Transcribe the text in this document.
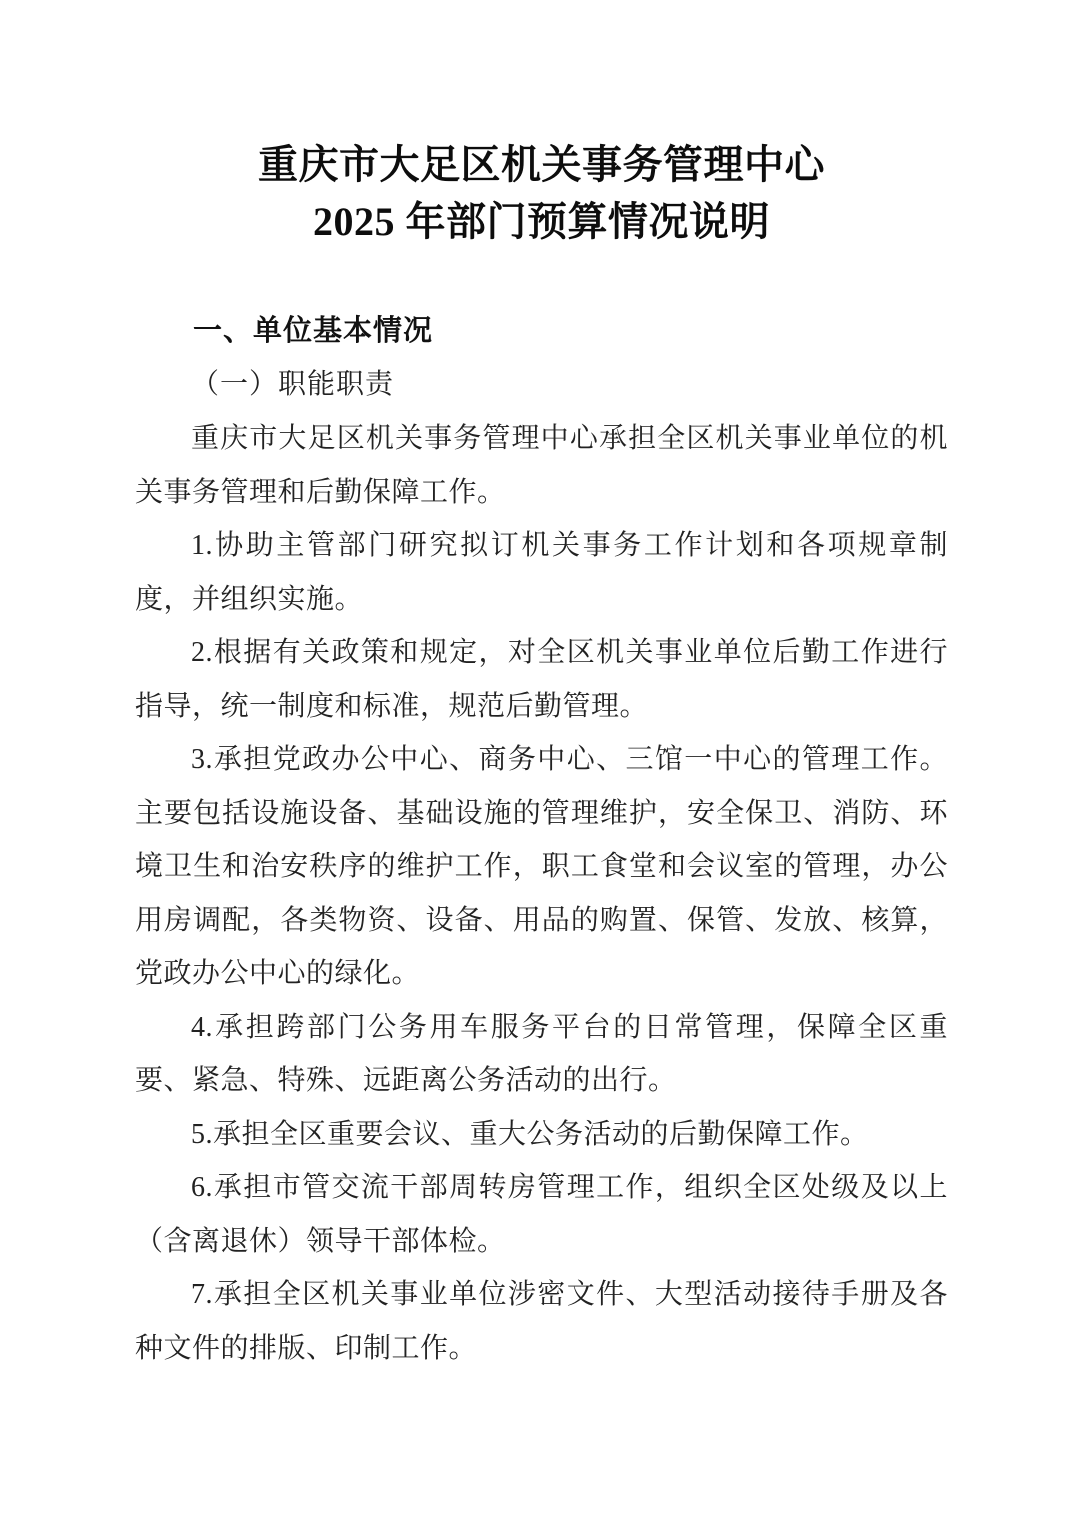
重庆市大足区机关事务管理中心
2025 年部门预算情况说明
一、单位基本情况
（一）职能职责

重庆市大足区机关事务管理中心承担全区机关事业单位的机关事务管理和后勤保障工作。

1.协助主管部门研究拟订机关事务工作计划和各项规章制度，并组织实施。

2.根据有关政策和规定，对全区机关事业单位后勤工作进行指导，统一制度和标准，规范后勤管理。

3.承担党政办公中心、商务中心、三馆一中心的管理工作。主要包括设施设备、基础设施的管理维护，安全保卫、消防、环境卫生和治安秩序的维护工作，职工食堂和会议室的管理，办公用房调配，各类物资、设备、用品的购置、保管、发放、核算，党政办公中心的绿化。

4.承担跨部门公务用车服务平台的日常管理，保障全区重要、紧急、特殊、远距离公务活动的出行。

5.承担全区重要会议、重大公务活动的后勤保障工作。

6.承担市管交流干部周转房管理工作，组织全区处级及以上（含离退休）领导干部体检。

7.承担全区机关事业单位涉密文件、大型活动接待手册及各种文件的排版、印制工作。
